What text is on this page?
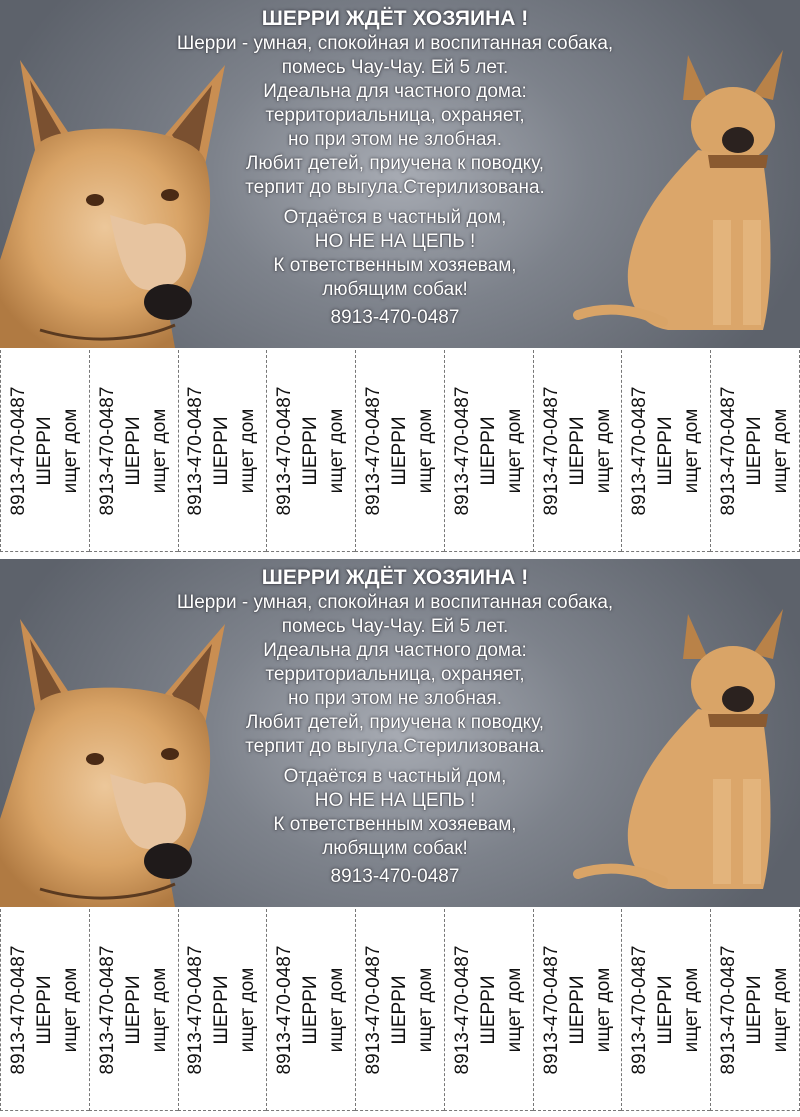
ШЕРРИ ЖДЁТ ХОЗЯИНА !
Шерри - умная, спокойная и воспитанная собака,
помесь Чау-Чау. Ей 5 лет.
Идеальна для частного дома:
территориальница, охраняет,
но при этом не злобная.
Любит детей, приучена к поводку,
терпит до выгула.Стерилизована.
Отдаётся в частный дом,
НО НЕ НА ЦЕПЬ !
К ответственным хозяевам,
любящим собак!
8913-470-0487
8913-470-0487 ШЕРРИ ищет дом 8913-470-0487 ШЕРРИ ищет дом 8913-470-0487 ШЕРРИ ищет дом 8913-470-0487 ШЕРРИ ищет дом 8913-470-0487 ШЕРРИ ищет дом 8913-470-0487 ШЕРРИ ищет дом 8913-470-0487 ШЕРРИ ищет дом 8913-470-0487 ШЕРРИ ищет дом 8913-470-0487 ШЕРРИ ищет дом
ШЕРРИ ЖДЁТ ХОЗЯИНА !
Шерри - умная, спокойная и воспитанная собака,
помесь Чау-Чау. Ей 5 лет.
Идеальна для частного дома:
территориальница, охраняет,
но при этом не злобная.
Любит детей, приучена к поводку,
терпит до выгула.Стерилизована.
Отдаётся в частный дом,
НО НЕ НА ЦЕПЬ !
К ответственным хозяевам,
любящим собак!
8913-470-0487
8913-470-0487 ШЕРРИ ищет дом 8913-470-0487 ШЕРРИ ищет дом 8913-470-0487 ШЕРРИ ищет дом 8913-470-0487 ШЕРРИ ищет дом 8913-470-0487 ШЕРРИ ищет дом 8913-470-0487 ШЕРРИ ищет дом 8913-470-0487 ШЕРРИ ищет дом 8913-470-0487 ШЕРРИ ищет дом 8913-470-0487 ШЕРРИ ищет дом
